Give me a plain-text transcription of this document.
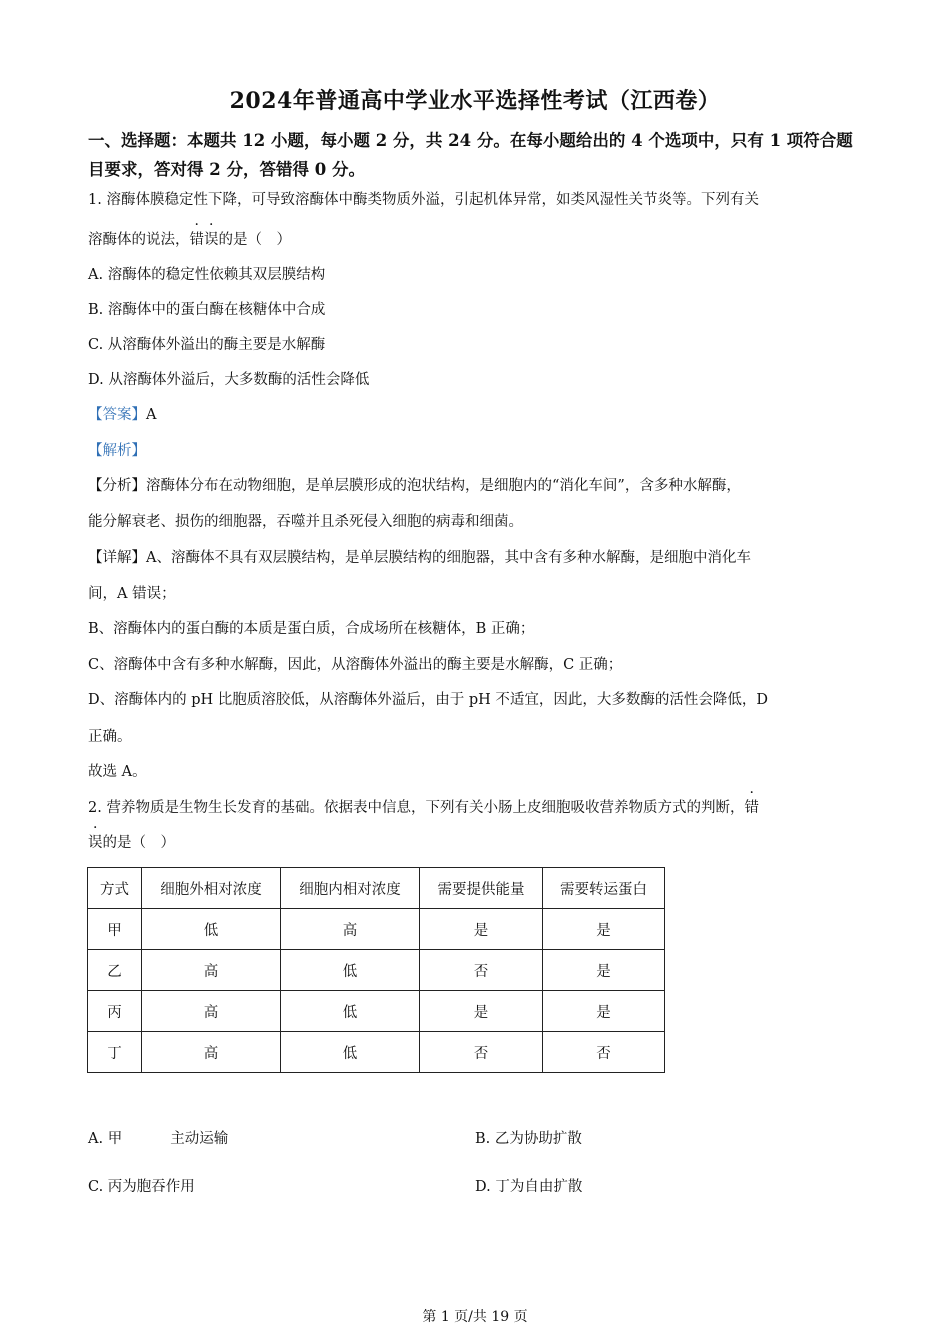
2024年普通高中学业水平选择性考试（江西卷）
一、选择题：本题共 12 小题，每小题 2 分，共 24 分。在每小题给出的 4 个选项中，只有 1 项符合题目要求，答对得 2 分，答错得 0 分。
1. 溶酶体膜稳定性下降，可导致溶酶体中酶类物质外溢，引起机体异常，如类风湿性关节炎等。下列有关
溶酶体的说法，错误的是（　）
A. 溶酶体的稳定性依赖其双层膜结构
B. 溶酶体中的蛋白酶在核糖体中合成
C. 从溶酶体外溢出的酶主要是水解酶
D. 从溶酶体外溢后，大多数酶的活性会降低
【答案】A
【解析】
【分析】溶酶体分布在动物细胞，是单层膜形成的泡状结构，是细胞内的“消化车间”，含多种水解酶，
能分解衰老、损伤的细胞器，吞噬并且杀死侵入细胞的病毒和细菌。
【详解】A、溶酶体不具有双层膜结构，是单层膜结构的细胞器，其中含有多种水解酶，是细胞中消化车
间，A 错误；
B、溶酶体内的蛋白酶的本质是蛋白质，合成场所在核糖体，B 正确；
C、溶酶体中含有多种水解酶，因此，从溶酶体外溢出的酶主要是水解酶，C 正确；
D、溶酶体内的 pH 比胞质溶胶低，从溶酶体外溢后，由于 pH 不适宜，因此，大多数酶的活性会降低，D
正确。
故选 A。
2. 营养物质是生物生长发育的基础。依据表中信息，下列有关小肠上皮细胞吸收营养物质方式的判断，错
误的是（　）
方式	细胞外相对浓度	细胞内相对浓度	需要提供能量	需要转运蛋白
甲	低	高	是	是
乙	高	低	否	是
丙	高	低	是	是
丁	高	低	否	否
A. 甲	主动运输	B. 乙为协助扩散
C. 丙为胞吞作用	D. 丁为自由扩散
第 1 页/共 19 页
